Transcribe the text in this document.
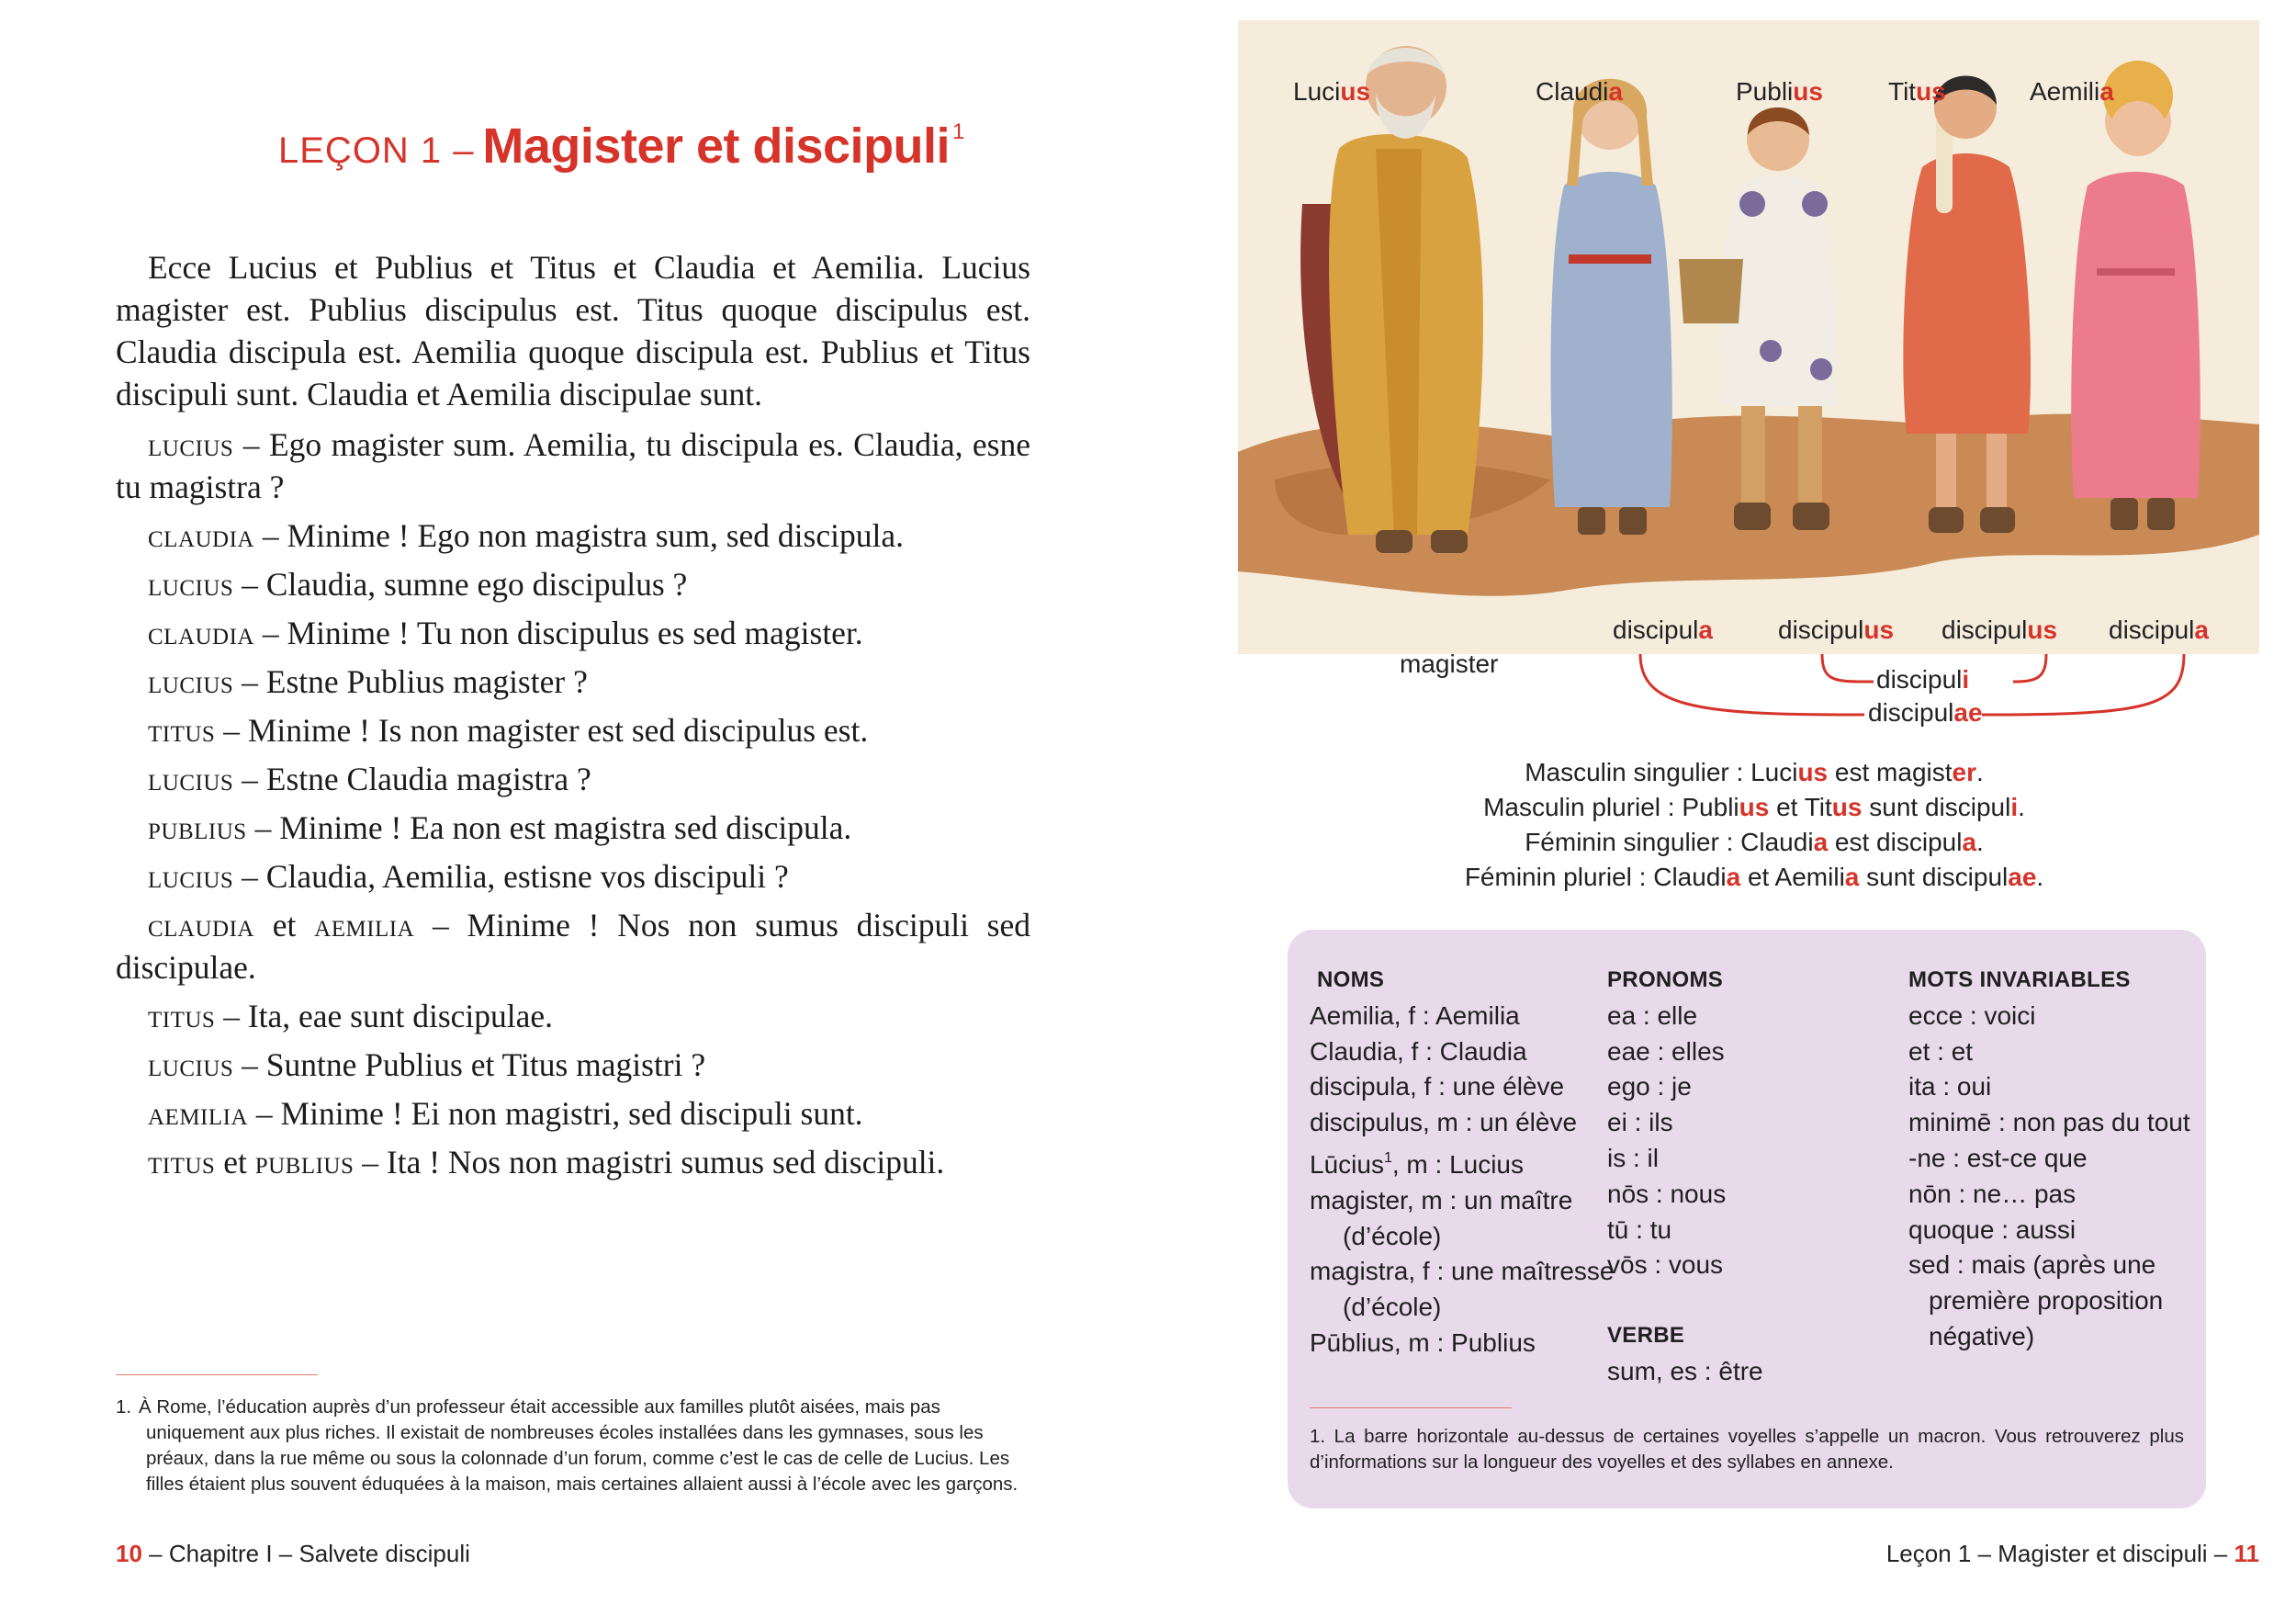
LEÇON 1 – Magister et discipuli $^1$

Ecce Lucius et Publius et Titus et Claudia et Aemilia. Lucius magister est. Publius discipulus est. Titus quoque discipulus est. Claudia discipula est. Aemilia quoque discipula est. Publius et Titus discipuli sunt. Claudia et Aemilia discipulae sunt.

lucius – Ego magister sum. Aemilia, tu discipula es. Claudia, esne tu magistra ?

claudia – Minime ! Ego non magistra sum, sed discipula.

lucius – Claudia, sumne ego discipulus ?

claudia – Minime ! Tu non discipulus es sed magister.

lucius – Estne Publius magister ?

titus – Minime ! Is non magister est sed discipulus est.

lucius – Estne Claudia magistra ?

publius – Minime ! Ea non est magistra sed discipula.

lucius – Claudia, Aemilia, estisne vos discipuli ?

claudia et aemilia – Minime ! Nos non sumus discipuli sed discipulae.

titus – Ita, eae sunt discipulae.

lucius – Suntne Publius et Titus magistri ?

aemilia – Minime ! Ei non magistri, sed discipuli sunt.

titus et publius – Ita ! Nos non magistri sumus sed discipuli.

1. À Rome, l’éducation auprès d’un professeur était accessible aux familles plutôt aisées, mais pas uniquement aux plus riches. Il existait de nombreuses écoles installées dans les gymnases, sous les préaux, dans la rue même ou sous la colonnade d’un forum, comme c’est le cas de celle de Lucius. Les filles étaient plus souvent éduquées à la maison, mais certaines allaient aussi à l’école avec les garçons.
10 – Chapitre I – Salvete discipuli
Lucius	Claudia	Publius	Titus	Aemilia
magister
discipula	discipulus discipulus discipula
discipuli
discipulae
Masculin singulier : Lucius est magister.
Masculin pluriel : Publius et Titus sunt discipuli.
Féminin singulier : Claudia est discipula.
Féminin pluriel : Claudia et Aemilia sunt discipulae.
NOMS
Aemilia, f : Aemilia
Claudia, f : Claudia
discipula, f : une élève
discipulus, m : un élève
Lūcius$^1$, m : Lucius
magister, m : un maître
(d’école)
magistra, f : une maîtresse
(d’école)
Pūblius, m : Publius
PRONOMS
ea : elle
eae : elles
ego : je
ei : ils
is : il
nōs : nous
tū : tu
vōs : vous
VERBE
sum, es : être
MOTS INVARIABLES
ecce : voici
et : et
ita : oui
minimē : non pas du tout
-ne : est-ce que
nōn : ne… pas
quoque : aussi
sed : mais (après une
première proposition
négative)
1. La barre horizontale au-dessus de certaines voyelles s’appelle un macron. Vous retrouverez plus d’informations sur la longueur des voyelles et des syllabes en annexe.
Leçon 1 – Magister et discipuli – 11
